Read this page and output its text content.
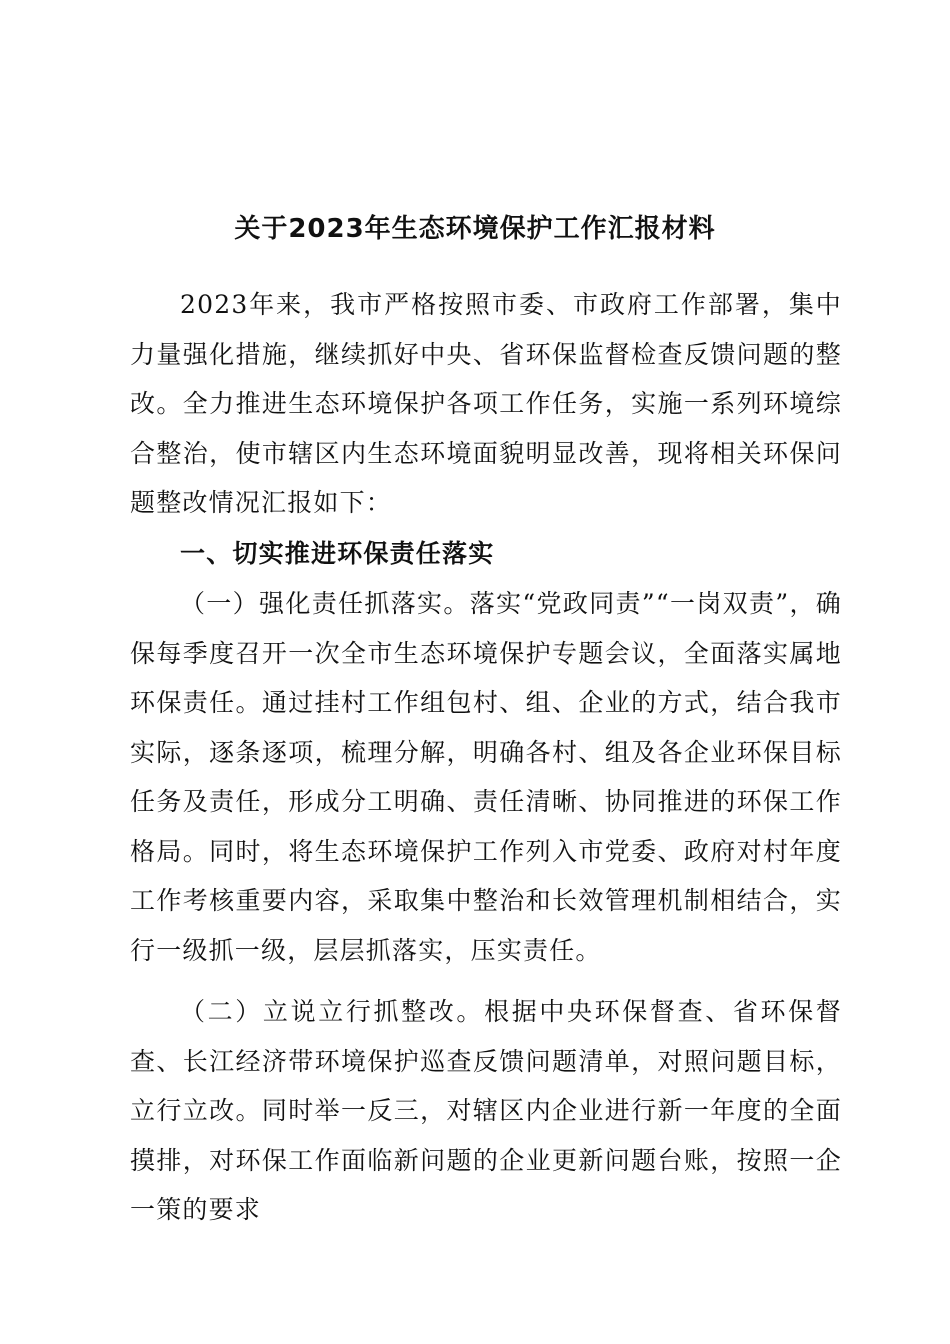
关于2023年生态环境保护工作汇报材料

2023年来，我市严格按照市委、市政府工作部署，集中力量强化措施，继续抓好中央、省环保监督检查反馈问题的整改。全力推进生态环境保护各项工作任务，实施一系列环境综合整治，使市辖区内生态环境面貌明显改善，现将相关环保问题整改情况汇报如下：

一、切实推进环保责任落实

（一）强化责任抓落实。落实“党政同责”“一岗双责”，确保每季度召开一次全市生态环境保护专题会议，全面落实属地环保责任。通过挂村工作组包村、组、企业的方式，结合我市实际，逐条逐项，梳理分解，明确各村、组及各企业环保目标任务及责任，形成分工明确、责任清晰、协同推进的环保工作格局。同时，将生态环境保护工作列入市党委、政府对村年度工作考核重要内容，采取集中整治和长效管理机制相结合，实行一级抓一级，层层抓落实，压实责任。

（二）立说立行抓整改。根据中央环保督查、省环保督查、长江经济带环境保护巡查反馈问题清单，对照问题目标，立行立改。同时举一反三，对辖区内企业进行新一年度的全面摸排，对环保工作面临新问题的企业更新问题台账，按照一企一策的要求
